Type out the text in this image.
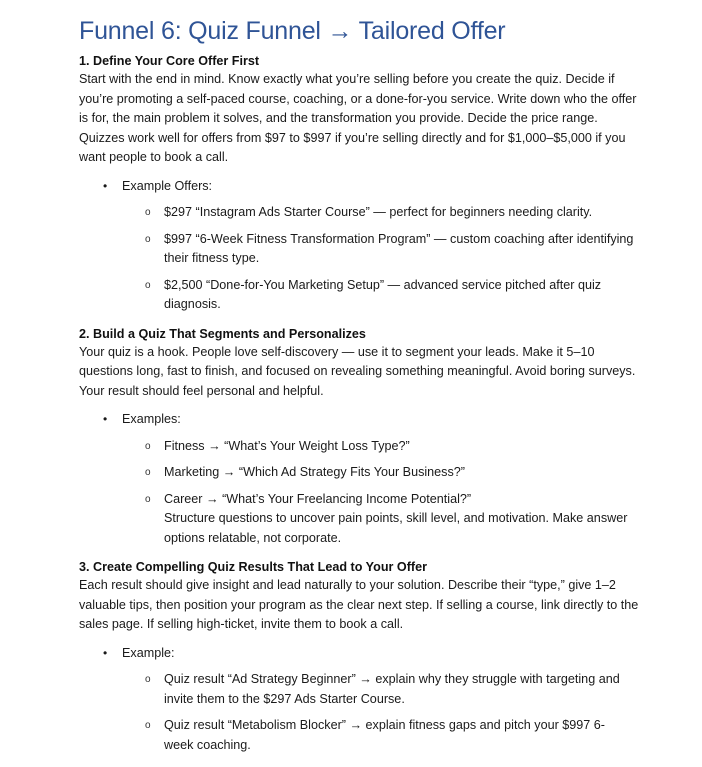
Funnel 6: Quiz Funnel → Tailored Offer

1. Define Your Core Offer First

Start with the end in mind. Know exactly what you’re selling before you create the quiz. Decide if you’re promoting a self-paced course, coaching, or a done-for-you service. Write down who the offer is for, the main problem it solves, and the transformation you provide. Decide the price range. Quizzes work well for offers from $97 to $997 if you’re selling directly and for $1,000–$5,000 if you want people to book a call.

• Example Offers:
o $297 “Instagram Ads Starter Course” — perfect for beginners needing clarity.
o $997 “6-Week Fitness Transformation Program” — custom coaching after identifying their fitness type.
o $2,500 “Done-for-You Marketing Setup” — advanced service pitched after quiz diagnosis.

2. Build a Quiz That Segments and Personalizes

Your quiz is a hook. People love self-discovery — use it to segment your leads. Make it 5–10 questions long, fast to finish, and focused on revealing something meaningful. Avoid boring surveys. Your result should feel personal and helpful.

• Examples:
o Fitness → “What’s Your Weight Loss Type?”
o Marketing → “Which Ad Strategy Fits Your Business?”
o Career → “What’s Your Freelancing Income Potential?”
Structure questions to uncover pain points, skill level, and motivation. Make answer options relatable, not corporate.

3. Create Compelling Quiz Results That Lead to Your Offer

Each result should give insight and lead naturally to your solution. Describe their “type,” give 1–2 valuable tips, then position your program as the clear next step. If selling a course, link directly to the sales page. If selling high-ticket, invite them to book a call.

• Example:
o Quiz result “Ad Strategy Beginner” → explain why they struggle with targeting and invite them to the $297 Ads Starter Course.
o Quiz result “Metabolism Blocker” → explain fitness gaps and pitch your $997 6-week coaching.
